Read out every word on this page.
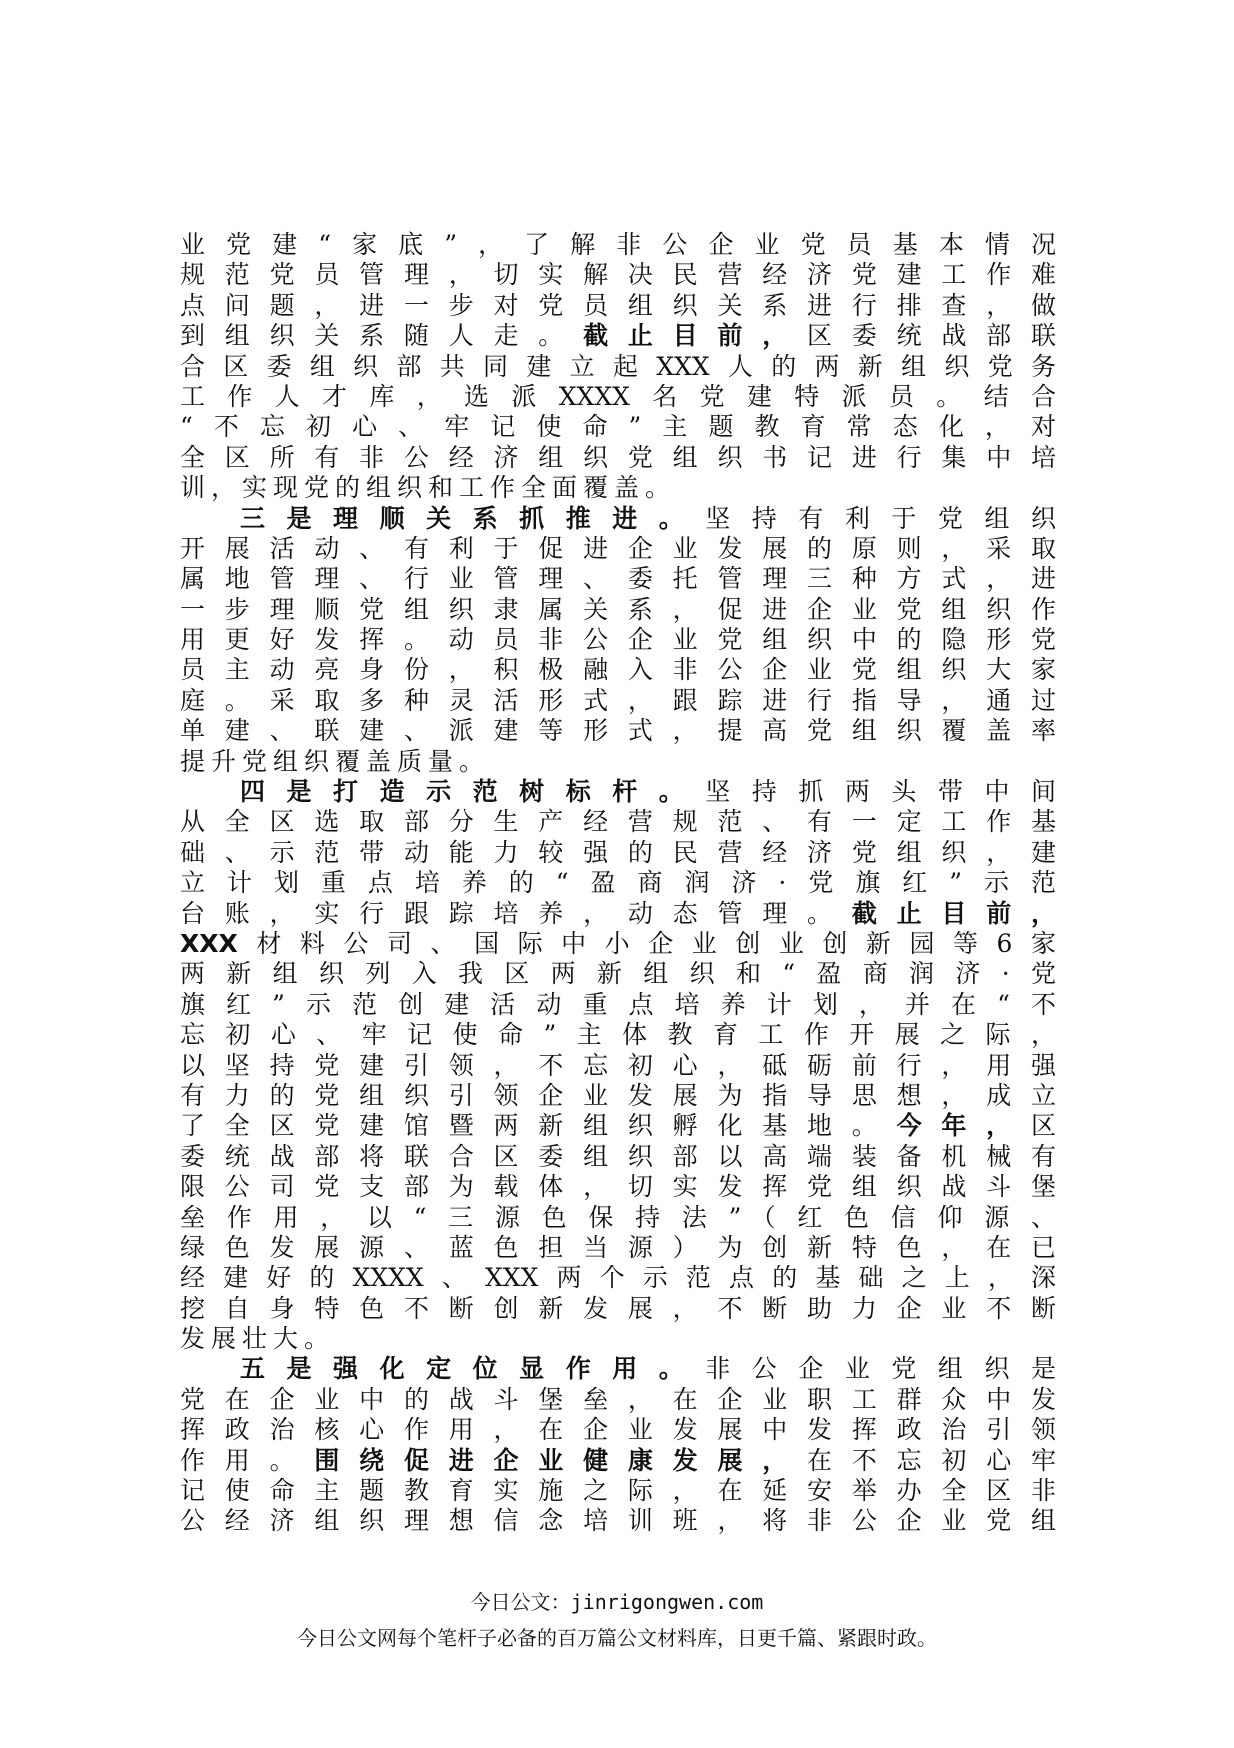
业党建“家底”，了解非公企业党员基本情况
规范党员管理，切实解决民营经济党建工作难
点问题，进一步对党员组织关系进行排查，做
到组织关系随人走。截止目前，区委统战部联
合区委组织部共同建立起XXX人的两新组织党务
工作人才库，选派XXXX名党建特派员。结合
“不忘初心、牢记使命”主题教育常态化，对
全区所有非公经济组织党组织书记进行集中培
训，实现党的组织和工作全面覆盖。
三是理顺关系抓推进。坚持有利于党组织
开展活动、有利于促进企业发展的原则，采取
属地管理、行业管理、委托管理三种方式，进
一步理顺党组织隶属关系，促进企业党组织作
用更好发挥。动员非公企业党组织中的隐形党
员主动亮身份，积极融入非公企业党组织大家
庭。采取多种灵活形式，跟踪进行指导，通过
单建、联建、派建等形式，提高党组织覆盖率
提升党组织覆盖质量。
四是打造示范树标杆。坚持抓两头带中间
从全区选取部分生产经营规范、有一定工作基
础、示范带动能力较强的民营经济党组织，建
立计划重点培养的“盈商润济·党旗红”示范
台账，实行跟踪培养，动态管理。截止目前，
XXX材料公司、国际中小企业创业创新园等6家
两新组织列入我区两新组织和“盈商润济·党
旗红”示范创建活动重点培养计划，并在“不
忘初心、牢记使命”主体教育工作开展之际，
以坚持党建引领，不忘初心，砥砺前行，用强
有力的党组织引领企业发展为指导思想，成立
了全区党建馆暨两新组织孵化基地。今年，区
委统战部将联合区委组织部以高端装备机械有
限公司党支部为载体，切实发挥党组织战斗堡
垒作用，以“三源色保持法”（红色信仰源、
绿色发展源、蓝色担当源）为创新特色，在已
经建好的XXXX、XXX两个示范点的基础之上，深
挖自身特色不断创新发展，不断助力企业不断
发展壮大。
五是强化定位显作用。非公企业党组织是
党在企业中的战斗堡垒，在企业职工群众中发
挥政治核心作用，在企业发展中发挥政治引领
作用。围绕促进企业健康发展，在不忘初心牢
记使命主题教育实施之际，在延安举办全区非
公经济组织理想信念培训班，将非公企业党组
今日公文：jinrigongwen.com
今日公文网每个笔杆子必备的百万篇公文材料库，日更千篇、紧跟时政。
